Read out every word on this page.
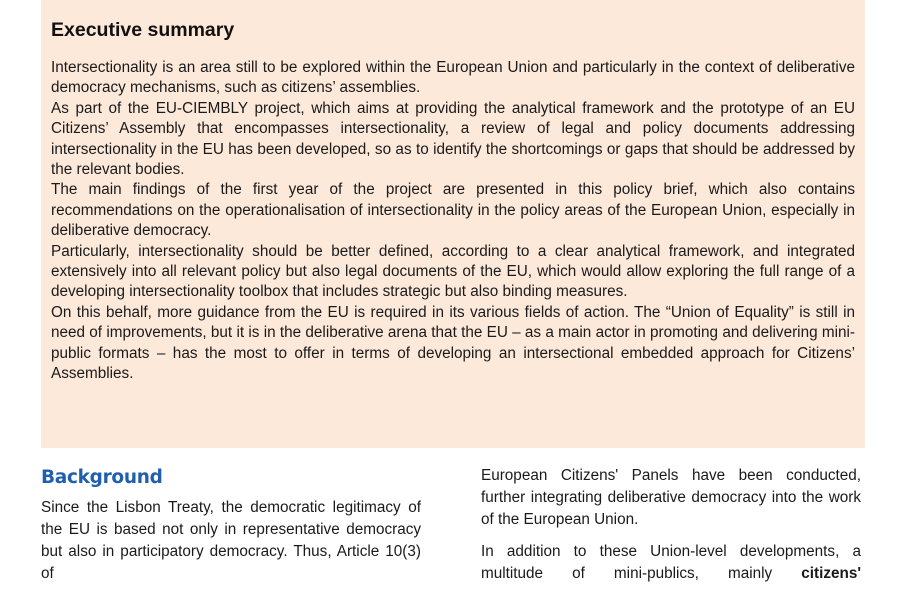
Executive summary

Intersectionality is an area still to be explored within the European Union and particularly in the context of deliberative democracy mechanisms, such as citizens’ assemblies.

As part of the EU-CIEMBLY project, which aims at providing the analytical framework and the prototype of an EU Citizens’ Assembly that encompasses intersectionality, a review of legal and policy documents addressing intersectionality in the EU has been developed, so as to identify the shortcomings or gaps that should be addressed by the relevant bodies.

The main findings of the first year of the project are presented in this policy brief, which also contains recommendations on the operationalisation of intersectionality in the policy areas of the European Union, especially in deliberative democracy.

Particularly, intersectionality should be better defined, according to a clear analytical framework, and integrated extensively into all relevant policy but also legal documents of the EU, which would allow exploring the full range of a developing intersectionality toolbox that includes strategic but also binding measures.

On this behalf, more guidance from the EU is required in its various fields of action. The “Union of Equality” is still in need of improvements, but it is in the deliberative arena that the EU – as a main actor in promoting and delivering mini-public formats – has the most to offer in terms of developing an intersectional embedded approach for Citizens’ Assemblies.

Background

Since the Lisbon Treaty, the democratic legitimacy of the EU is based not only in representative democracy but also in participatory democracy. Thus, Article 10(3) of

European Citizens' Panels have been conducted, further integrating deliberative democracy into the work of the European Union.

In addition to these Union-level developments, a multitude of mini-publics, mainly citizens'
